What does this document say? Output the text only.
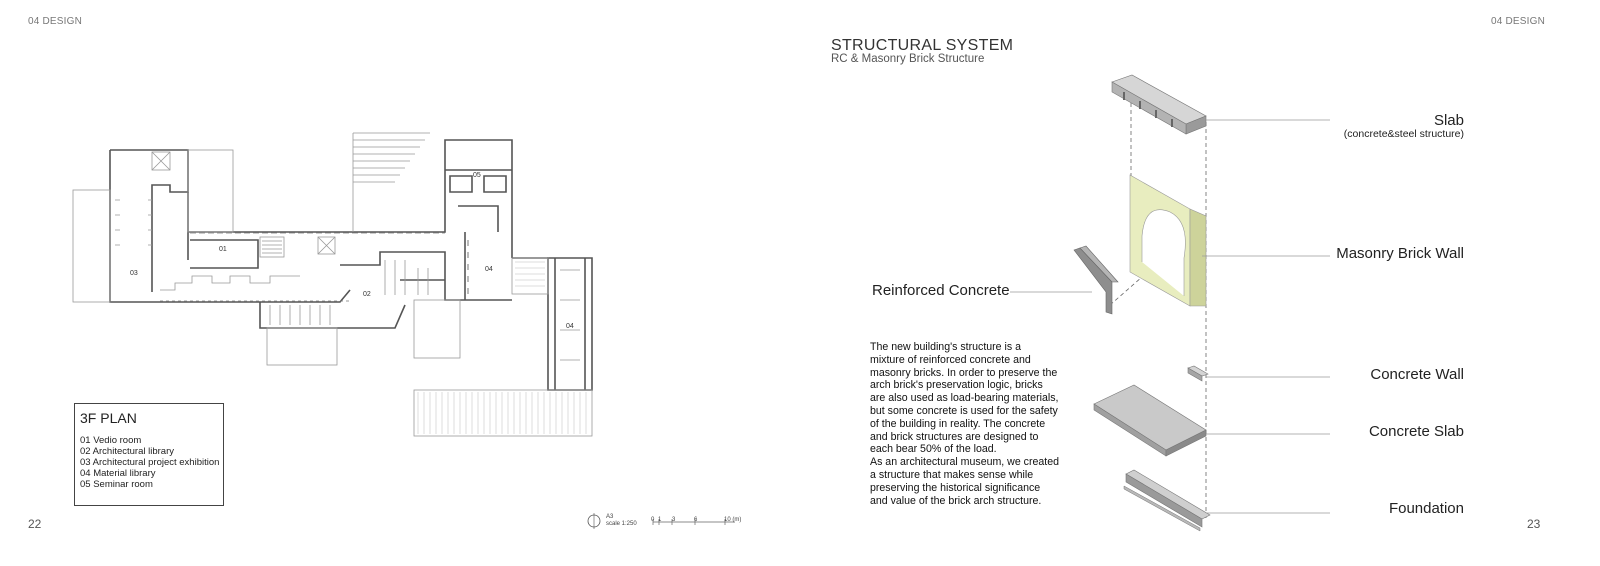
04 DESIGN
22
01
02
03
04
04
05
3F PLAN
01 Vedio room
02 Architectural library
03 Architectural project exhibition
04 Material library
05 Seminar room
A3
scale 1:250
0 1 3	6	10 (m)
04 DESIGN
23
STRUCTURAL SYSTEM
RC & Masonry Brick Structure
Slab
(concrete&steel structure)
Masonry Brick Wall
Reinforced Concrete
Concrete Wall
Concrete Slab
Foundation
The new building's structure is a
mixture of reinforced concrete and
masonry bricks. In order to preserve the
arch brick's preservation logic, bricks
are also used as load-bearing materials,
but some concrete is used for the safety
of the building in reality. The concrete
and brick structures are designed to
each bear 50% of the load.
As an architectural museum, we created
a structure that makes sense while
preserving the historical significance
and value of the brick arch structure.
